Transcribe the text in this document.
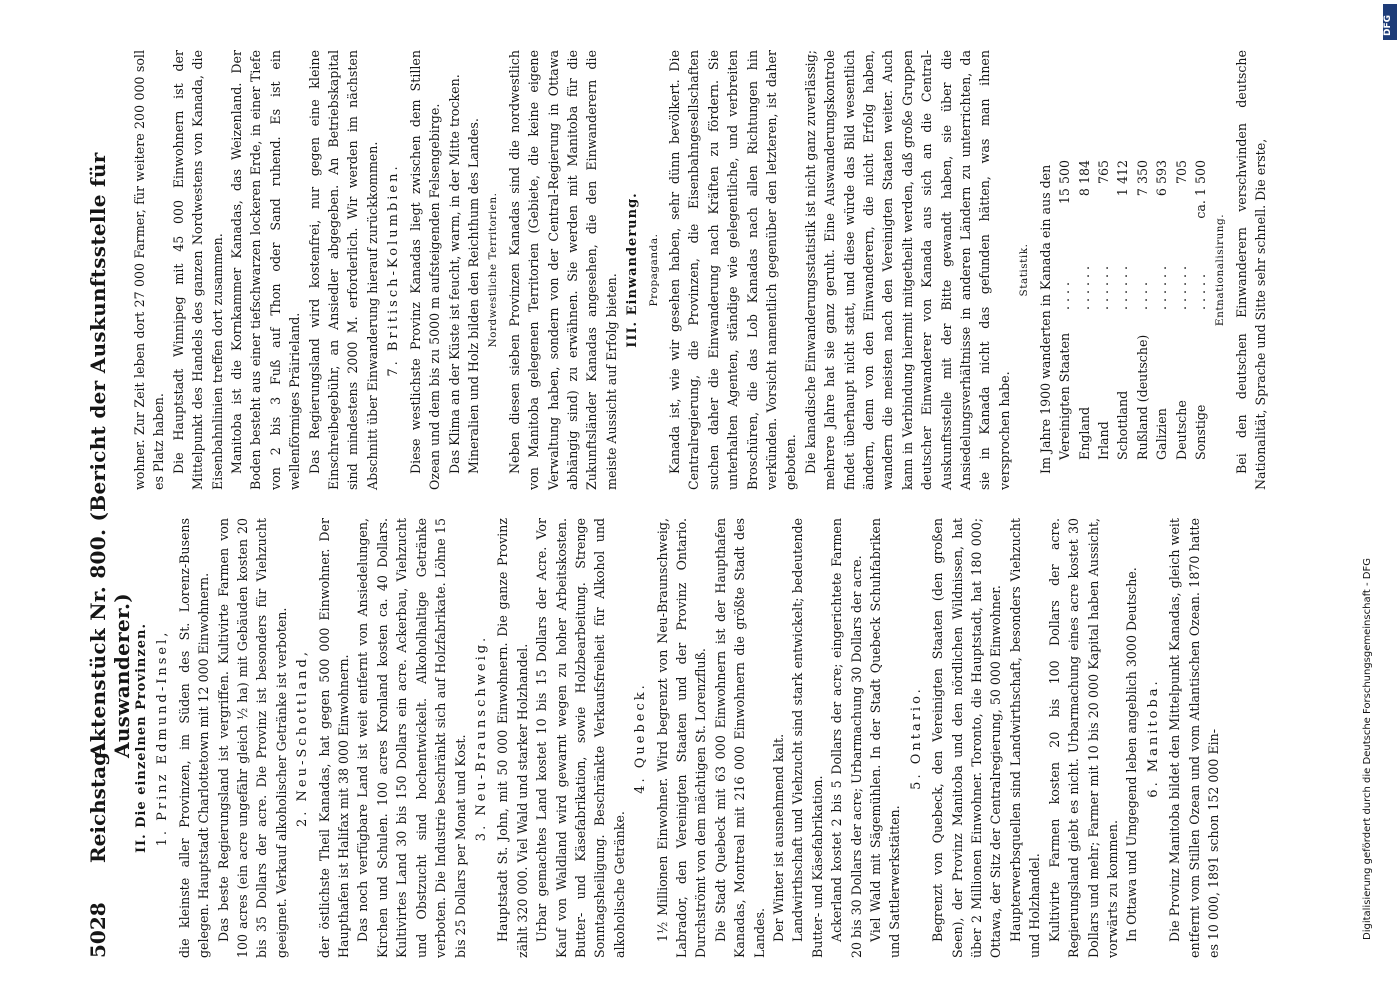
5028
Reichstag.
Aktenstück Nr. 800. (Bericht der Auskunftsstelle für Auswanderer.) II. Die einzelnen Provinzen. 1. Prinz Edmund-Insel, die kleinste aller Provinzen, im Süden des St. Lorenz-Busens gelegen. Hauptstadt Charlottetown mit 12 000 Einwohnern. Das beste Regierungsland ist vergriffen. Kultivirte Farmen von 100 acres (ein acre ungefähr gleich ½ ha) mit Gebäuden kosten 20 bis 35 Dollars der acre. Die Provinz ist besonders für Viehzucht geeignet. Verkauf alkoholischer Getränke ist verboten. 2. Neu-Schottland, der östlichste Theil Kanadas, hat gegen 500 000 Einwohner. Der Haupthafen ist Halifax mit 38 000 Einwohnern. Das noch verfügbare Land ist weit entfernt von Ansiedelungen, Kirchen und Schulen. 100 acres Kronland kosten ca. 40 Dollars. Kultivirtes Land 30 bis 150 Dollars ein acre. Ackerbau, Viehzucht und Obstzucht sind hochentwickelt. Alkoholhaltige Getränke verboten. Die Industrie beschränkt sich auf Holzfabrikate. Löhne 15 bis 25 Dollars per Monat und Kost. 3. Neu-Braunschweig. Hauptstadt St. John, mit 50 000 Einwohnern. Die ganze Provinz zählt 320 000. Viel Wald und starker Holzhandel. Urbar gemachtes Land kostet 10 bis 15 Dollars der Acre. Vor Kauf von Waldland wird gewarnt wegen zu hoher Arbeitskosten. Butter- und Käsefabrikation, sowie Holzbearbeitung. Strenge Sonntagsheiligung. Beschränkte Verkaufsfreiheit für Alkohol und alkoholische Getränke.

4. Quebeck. 1½ Millionen Einwohner. Wird begrenzt von Neu-Braunschweig, Labrador, den Vereinigten Staaten und der Provinz Ontario. Durchströmt von dem mächtigen St. Lorenzfluß. Die Stadt Quebeck mit 63 000 Einwohnern ist der Haupthafen Kanadas, Montreal mit 216 000 Einwohnern die größte Stadt des Landes. Der Winter ist ausnehmend kalt. Landwirthschaft und Viehzucht sind stark entwickelt; bedeutende Butter- und Käsefabrikation. Ackerland kostet 2 bis 5 Dollars der acre; eingerichtete Farmen 20 bis 30 Dollars der acre; Urbarmachung 30 Dollars der acre. Viel Wald mit Sägemühlen. In der Stadt Quebeck Schuhfabriken und Sattlerwerkstätten.

5. Ontario. Begrenzt von Quebeck, den Vereinigten Staaten (den großen Seen), der Provinz Manitoba und den nördlichen Wildnissen, hat über 2 Millionen Einwohner. Toronto, die Hauptstadt, hat 180 000; Ottawa, der Sitz der Centralregierung, 50 000 Einwohner. Haupterwerbsquellen sind Landwirthschaft, besonders Viehzucht und Holzhandel. Kultivirte Farmen kosten 20 bis 100 Dollars der acre. Regierungsland giebt es nicht. Urbarmachung eines acre kostet 30 Dollars und mehr; Farmer mit 10 bis 20 000 Kapital haben Aussicht, vorwärts zu kommen. In Ottawa und Umgegend leben angeblich 3000 Deutsche. 6. Manitoba. Die Provinz Manitoba bildet den Mittelpunkt Kanadas, gleich weit entfernt vom Stillen Ozean und vom Atlantischen Ozean. 1870 hatte es 10 000, 1891 schon 152 000 Ein-

wohner. Zur Zeit leben dort 27 000 Farmer, für weitere 200 000 soll es Platz haben. Die Hauptstadt Winnipeg mit 45 000 Einwohnern ist der Mittelpunkt des Handels des ganzen Nordwestens von Kanada, die Eisenbahnlinien treffen dort zusammen. Manitoba ist die Kornkammer Kanadas, das Weizenland. Der Boden besteht aus einer tiefschwarzen lockeren Erde, in einer Tiefe von 2 bis 3 Fuß auf Thon oder Sand ruhend. Es ist ein wellenförmiges Präirieland. Das Regierungsland wird kostenfrei, nur gegen eine kleine Einschreibegebühr, an Ansiedler abgegeben. An Betriebskapital sind mindestens 2000 M. erforderlich. Wir werden im nächsten Abschnitt über Einwanderung hierauf zurückkommen. 7. Britisch-Kolumbien. Diese westlichste Provinz Kanadas liegt zwischen dem Stillen Ozean und dem bis zu 5000 m aufsteigenden Felsengebirge. Das Klima an der Küste ist feucht, warm, in der Mitte trocken. Mineralien und Holz bilden den Reichthum des Landes. Nordwestliche Territorien. Neben diesen sieben Provinzen Kanadas sind die nordwestlich von Manitoba gelegenen Territorien (Gebiete, die keine eigene Verwaltung haben, sondern von der Central-Regierung in Ottawa abhängig sind) zu erwähnen. Sie werden mit Manitoba für die Zukunftsländer Kanadas angesehen, die den Einwanderern die meiste Aussicht auf Erfolg bieten.

III. Einwanderung. Propaganda. Kanada ist, wie wir gesehen haben, sehr dünn bevölkert. Die Centralregierung, die Provinzen, die Eisenbahngesellschaften suchen daher die Einwanderung nach Kräften zu fördern. Sie unterhalten Agenten, ständige wie gelegentliche, und verbreiten Broschüren, die das Lob Kanadas nach allen Richtungen hin verkünden. Vorsicht namentlich gegenüber den letzteren, ist daher geboten. Die kanadische Einwanderungsstatistik ist nicht ganz zuverlässig; mehrere Jahre hat sie ganz geruht. Eine Auswanderungskontrole findet überhaupt nicht statt, und diese würde das Bild wesentlich ändern, denn von den Einwanderern, die nicht Erfolg haben, wandern die meisten nach den Vereinigten Staaten weiter. Auch kann in Verbindung hiermit mitgetheilt werden, daß große Gruppen deutscher Einwanderer von Kanada aus sich an die Central-Auskunftsstelle mit der Bitte gewandt haben, sie über die Ansiedelungsverhältnisse in anderen Ländern zu unterrichten, da sie in Kanada nicht das gefunden hätten, was man ihnen versprochen habe.

Statistik. Im Jahre 1900 wanderten in Kanada ein aus den Vereinigten Staaten
. . . .
15 500
England
. . . . . .
8 184
Irland
. . . . . .
765
Schottland
. . . . . .
1 412
Rußland (deutsche)
. . . .
7 350
Galizien
. . . . . .
6 593
Deutsche
. . . . . .
705
Sonstige
. . . . .
ca. 1 500
Entnationalisirung. Bei den deutschen Einwanderern verschwinden deutsche Nationalität, Sprache und Sitte sehr schnell. Die erste,

Digitalisierung gefördert durch die Deutsche Forschungsgemeinschaft - DFG
DFG
